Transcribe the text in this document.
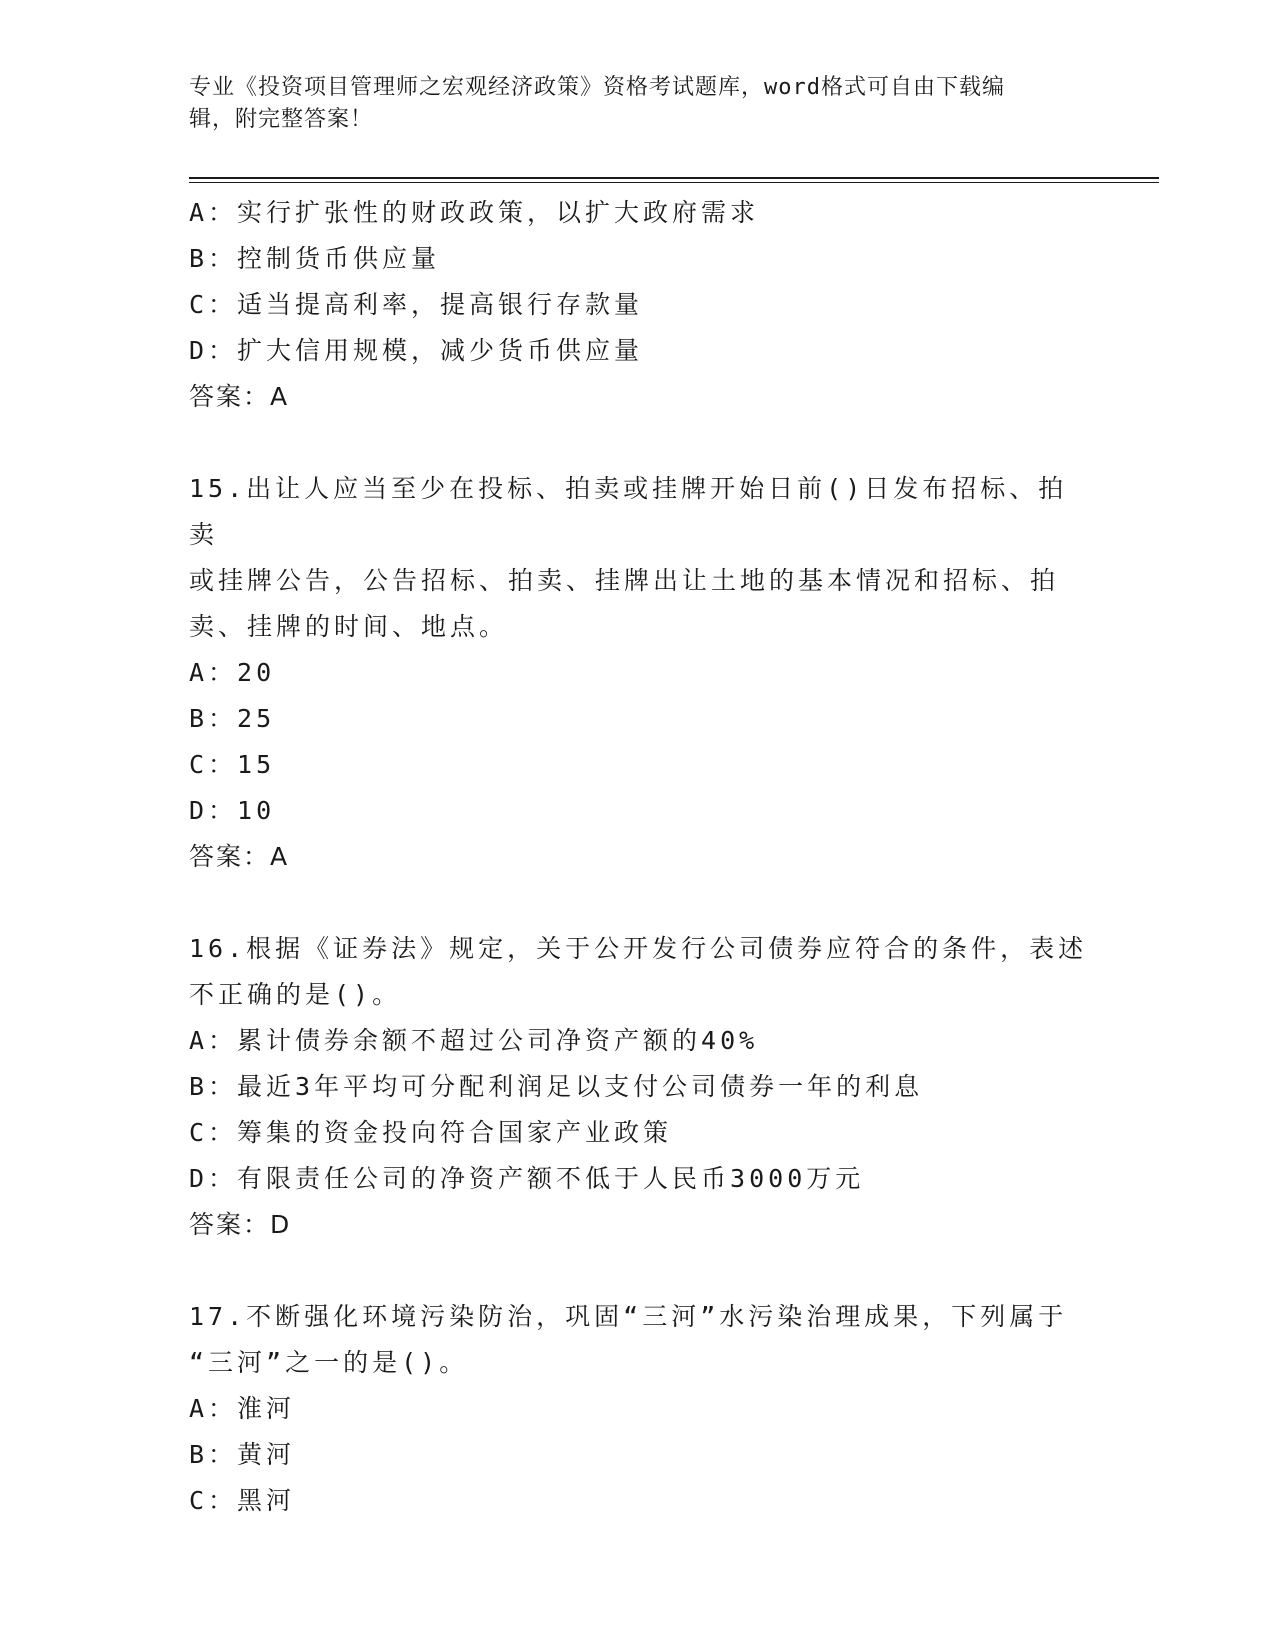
专业《投资项目管理师之宏观经济政策》资格考试题库，word格式可自由下载编
辑，附完整答案！
A：实行扩张性的财政政策，以扩大政府需求
B：控制货币供应量
C：适当提高利率，提高银行存款量
D：扩大信用规模，减少货币供应量
答案：A
15.出让人应当至少在投标、拍卖或挂牌开始日前()日发布招标、拍卖
或挂牌公告，公告招标、拍卖、挂牌出让土地的基本情况和招标、拍
卖、挂牌的时间、地点。
A：20
B：25
C：15
D：10
答案：A
16.根据《证券法》规定，关于公开发行公司债券应符合的条件，表述
不正确的是()。
A：累计债券余额不超过公司净资产额的40%
B：最近3年平均可分配利润足以支付公司债券一年的利息
C：筹集的资金投向符合国家产业政策
D：有限责任公司的净资产额不低于人民币3000万元
答案：D
17.不断强化环境污染防治，巩固“三河”水污染治理成果，下列属于
“三河”之一的是()。
A：淮河
B：黄河
C：黑河
